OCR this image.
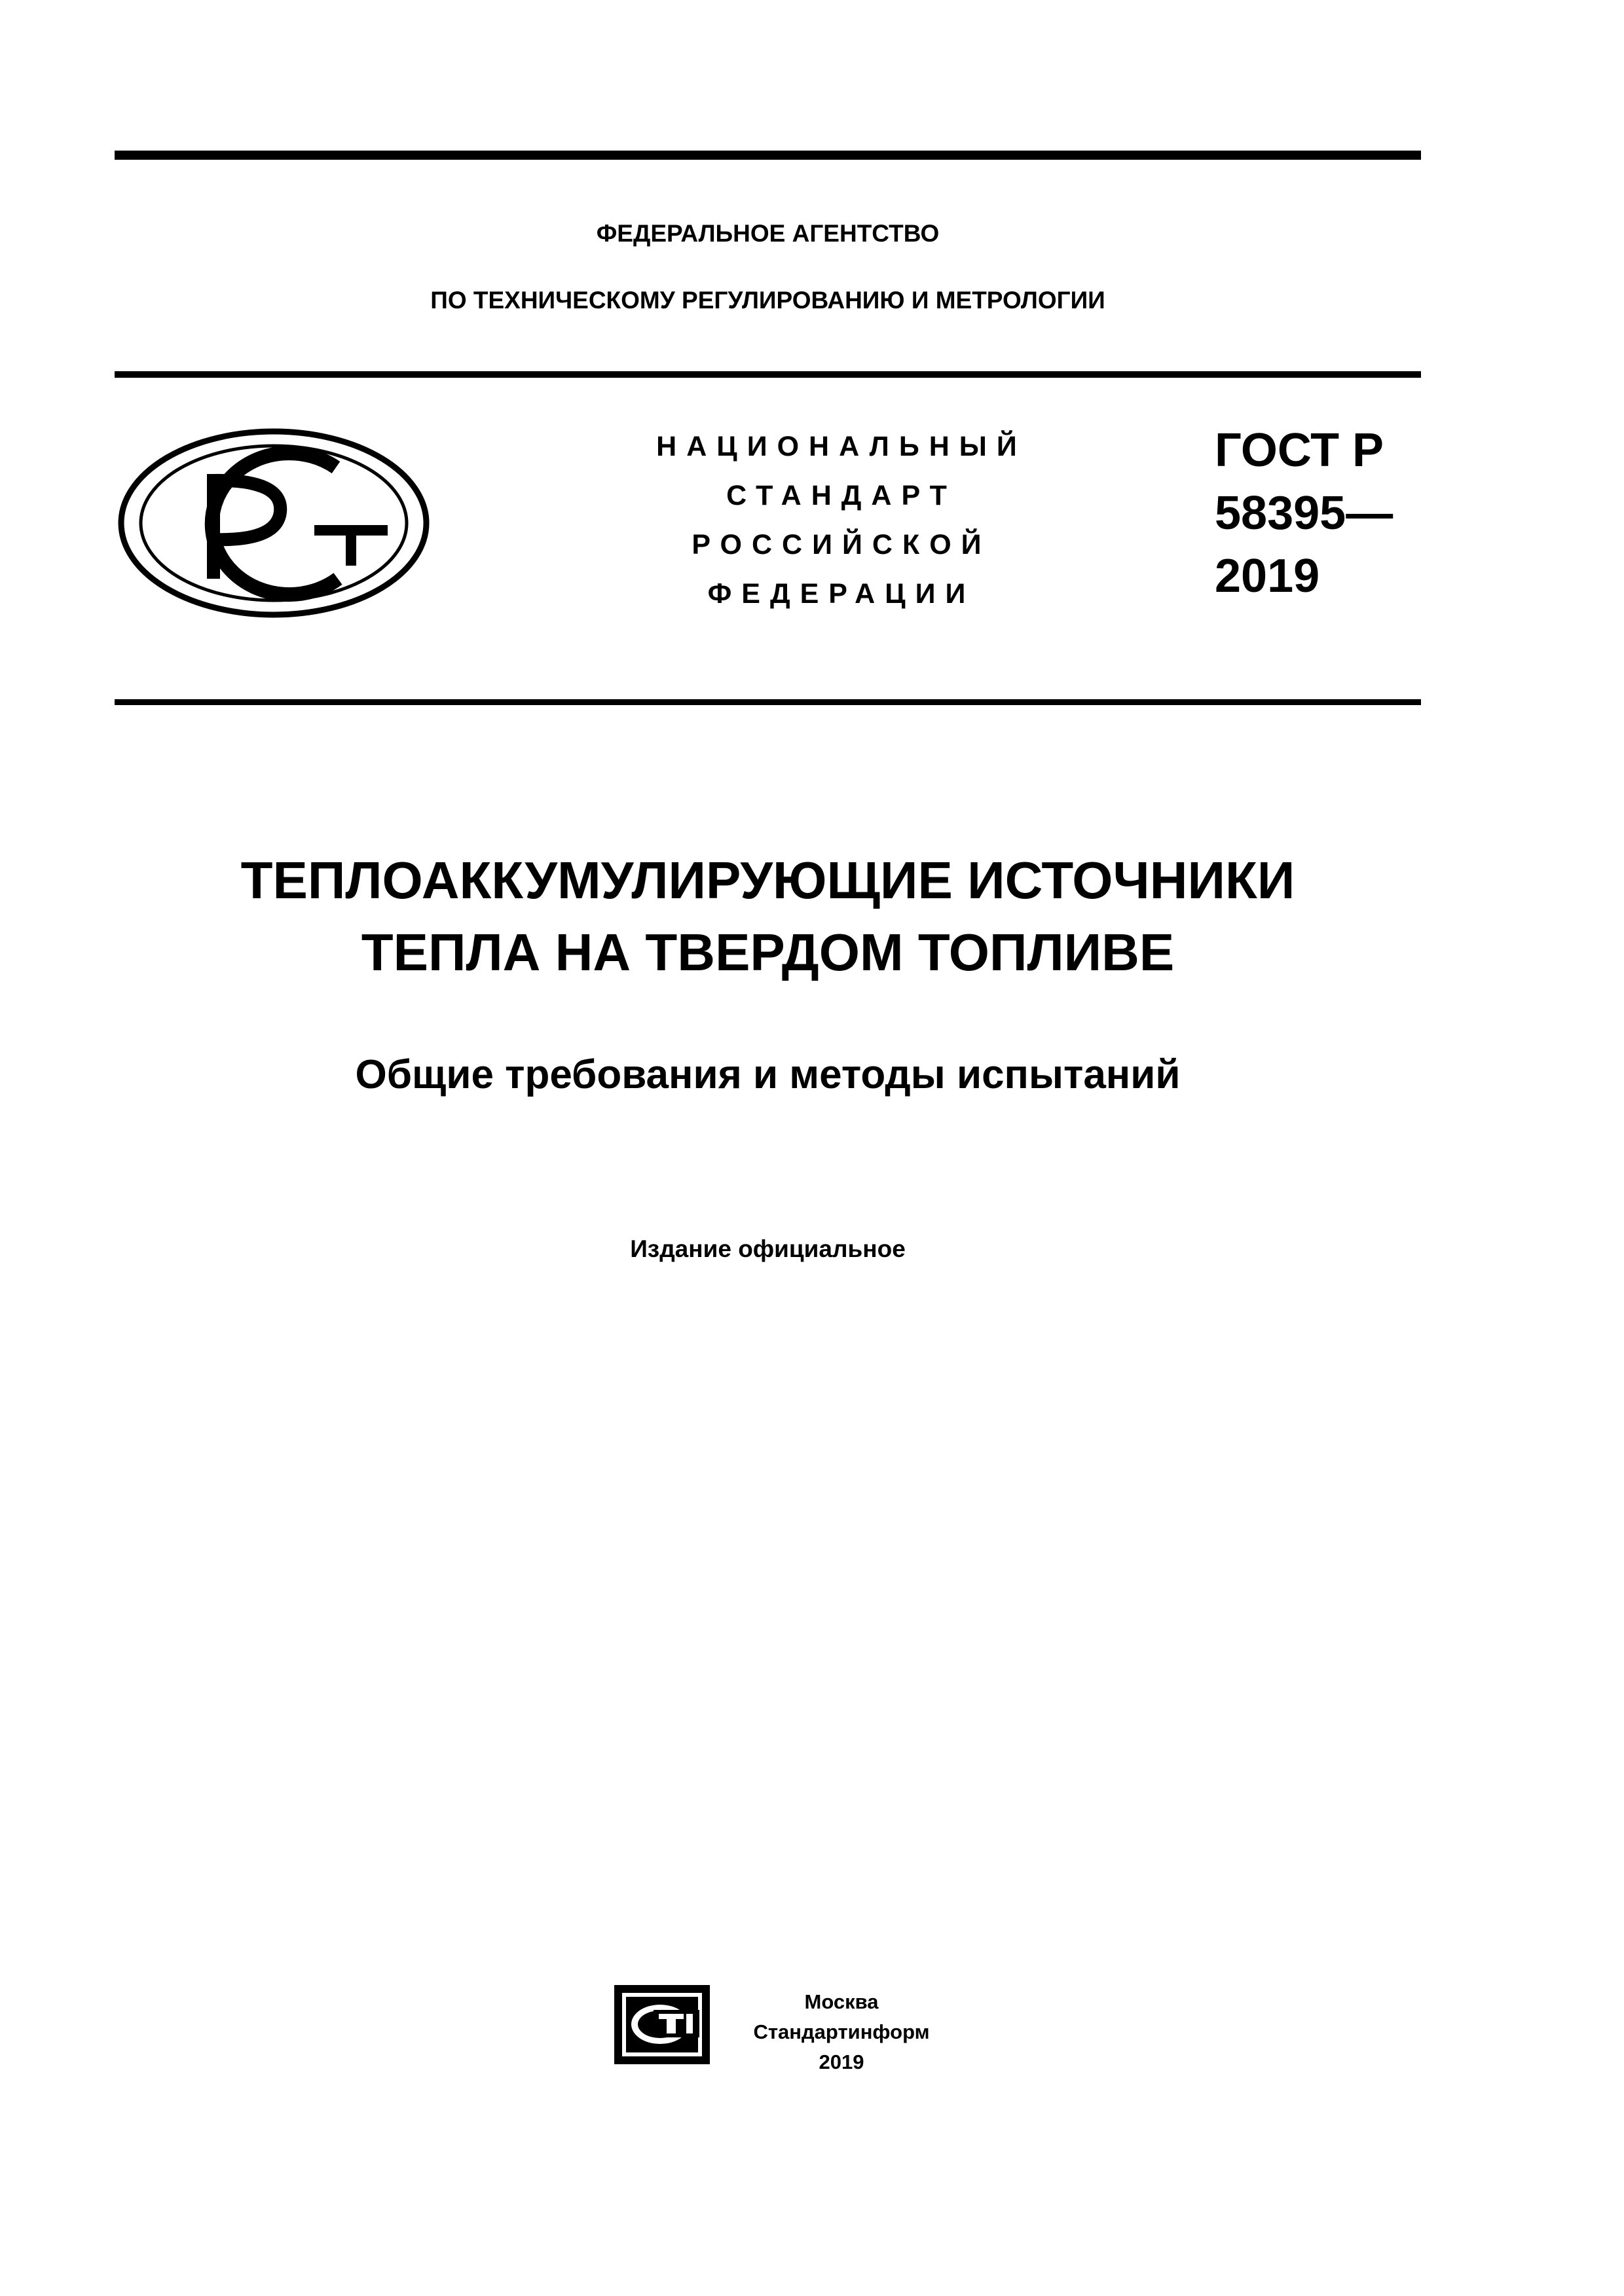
ФЕДЕРАЛЬНОЕ АГЕНТСТВО
ПО ТЕХНИЧЕСКОМУ РЕГУЛИРОВАНИЮ И МЕТРОЛОГИИ
НАЦИОНАЛЬНЫЙ
СТАНДАРТ
РОССИЙСКОЙ
ФЕДЕРАЦИИ
ГОСТ Р
58395—
2019
ТЕПЛОАККУМУЛИРУЮЩИЕ ИСТОЧНИКИ
ТЕПЛА НА ТВЕРДОМ ТОПЛИВЕ
Общие требования и методы испытаний
Издание официальное
Москва
Стандартинформ
2019
